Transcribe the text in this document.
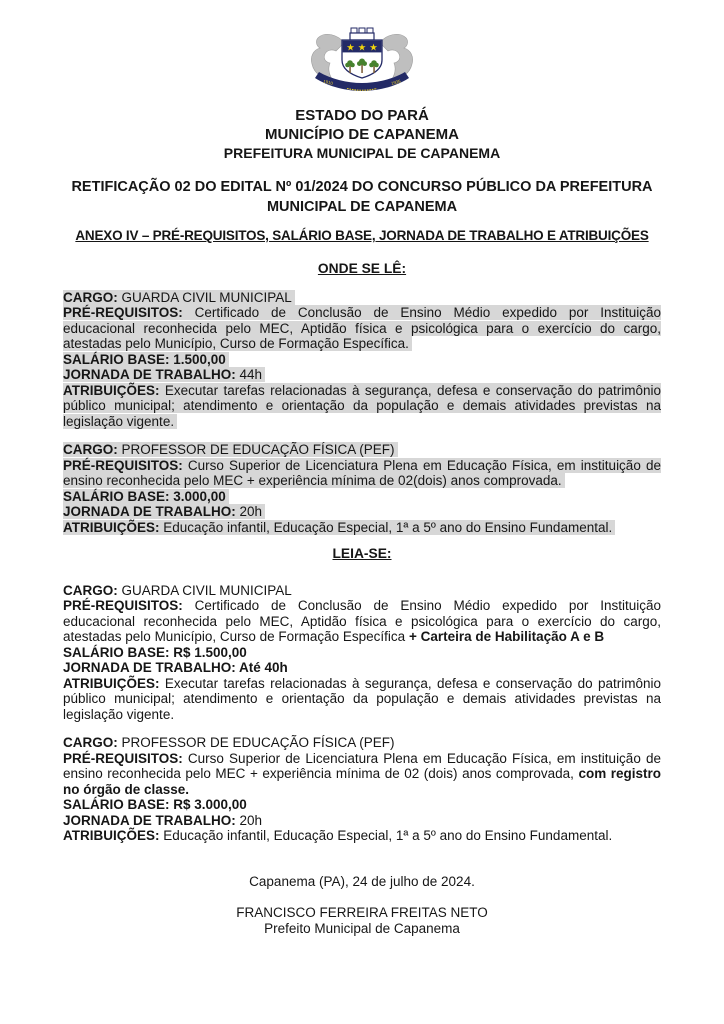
★ ★ ★
1910	1935
ESTADO DO PARÁ
MUNICÍPIO DE CAPANEMA
PREFEITURA MUNICIPAL DE CAPANEMA
RETIFICAÇÃO 02 DO EDITAL Nº 01/2024 DO CONCURSO PÚBLICO DA PREFEITURA MUNICIPAL DE CAPANEMA
ANEXO IV – PRÉ-REQUISITOS, SALÁRIO BASE, JORNADA DE TRABALHO E ATRIBUIÇÕES
ONDE SE LÊ:

CARGO: GUARDA CIVIL MUNICIPAL

PRÉ-REQUISITOS: Certificado de Conclusão de Ensino Médio expedido por Instituição educacional reconhecida pelo MEC, Aptidão física e psicológica para o exercício do cargo, atestadas pelo Município, Curso de Formação Específica.

SALÁRIO BASE: 1.500,00

JORNADA DE TRABALHO: 44h

ATRIBUIÇÕES: Executar tarefas relacionadas à segurança, defesa e conservação do patrimônio público municipal; atendimento e orientação da população e demais atividades previstas na legislação vigente.

CARGO: PROFESSOR DE EDUCAÇÃO FÍSICA (PEF)

PRÉ-REQUISITOS: Curso Superior de Licenciatura Plena em Educação Física, em instituição de ensino reconhecida pelo MEC + experiência mínima de 02(dois) anos comprovada.

SALÁRIO BASE: 3.000,00

JORNADA DE TRABALHO: 20h

ATRIBUIÇÕES: Educação infantil, Educação Especial, 1ª a 5º ano do Ensino Fundamental.

LEIA-SE:

CARGO: GUARDA CIVIL MUNICIPAL

PRÉ-REQUISITOS: Certificado de Conclusão de Ensino Médio expedido por Instituição educacional reconhecida pelo MEC, Aptidão física e psicológica para o exercício do cargo, atestadas pelo Município, Curso de Formação Específica + Carteira de Habilitação A e B

SALÁRIO BASE: R$ 1.500,00

JORNADA DE TRABALHO: Até 40h

ATRIBUIÇÕES: Executar tarefas relacionadas à segurança, defesa e conservação do patrimônio público municipal; atendimento e orientação da população e demais atividades previstas na legislação vigente.

CARGO: PROFESSOR DE EDUCAÇÃO FÍSICA (PEF)

PRÉ-REQUISITOS: Curso Superior de Licenciatura Plena em Educação Física, em instituição de ensino reconhecida pelo MEC + experiência mínima de 02 (dois) anos comprovada, com registro no órgão de classe.

SALÁRIO BASE: R$ 3.000,00

JORNADA DE TRABALHO: 20h

ATRIBUIÇÕES: Educação infantil, Educação Especial, 1ª a 5º ano do Ensino Fundamental.

Capanema (PA), 24 de julho de 2024.
FRANCISCO FERREIRA FREITAS NETO
Prefeito Municipal de Capanema
